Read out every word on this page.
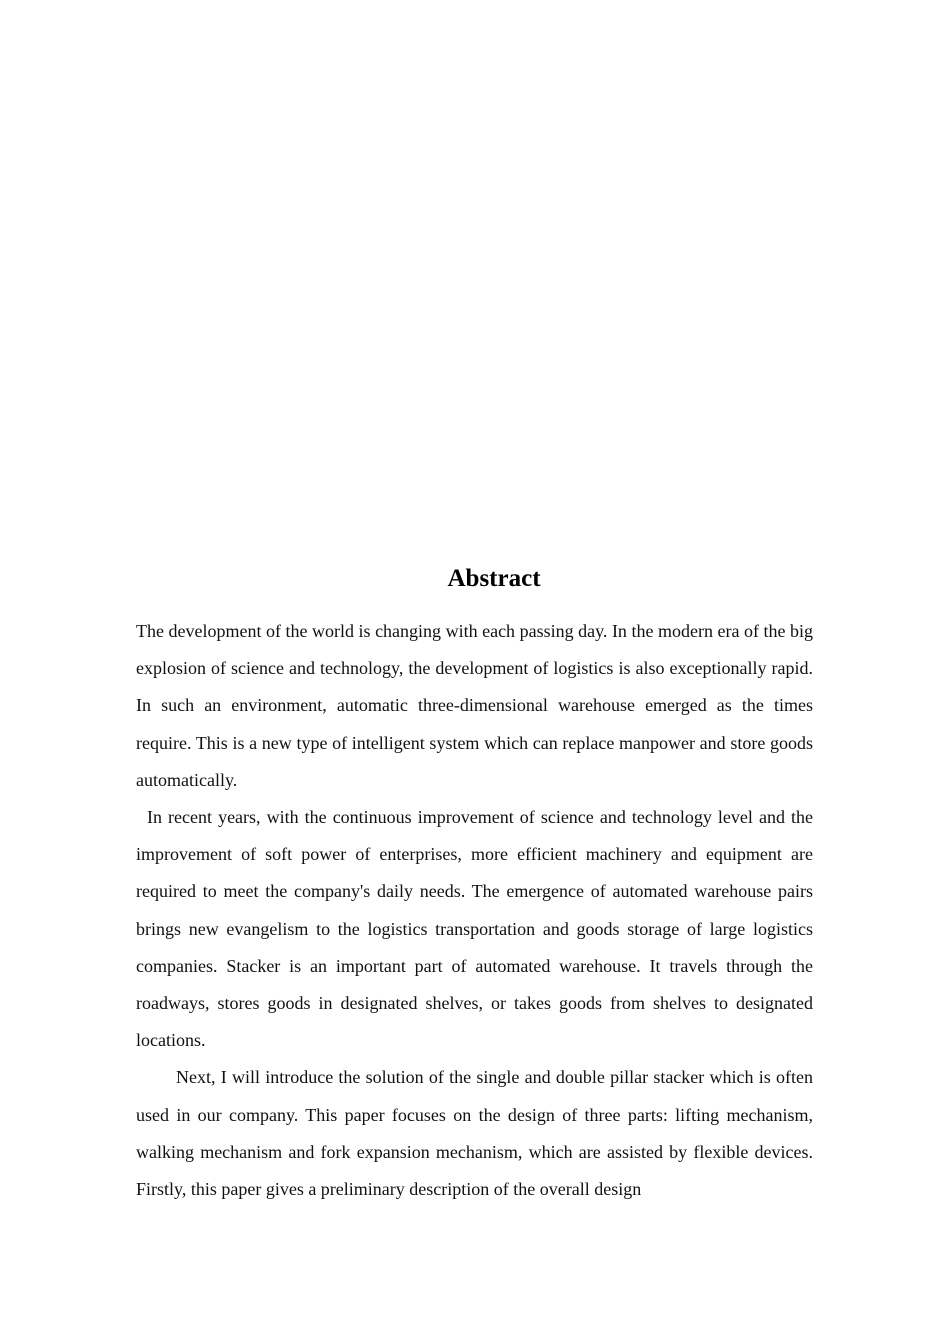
Abstract

The development of the world is changing with each passing day. In the modern era of the big explosion of science and technology, the development of logistics is also exceptionally rapid. In such an environment, automatic three-dimensional warehouse emerged as the times require. This is a new type of intelligent system which can replace manpower and store goods automatically.

In recent years, with the continuous improvement of science and technology level and the improvement of soft power of enterprises, more efficient machinery and equipment are required to meet the company's daily needs. The emergence of automated warehouse pairs brings new evangelism to the logistics transportation and goods storage of large logistics companies. Stacker is an important part of automated warehouse. It travels through the roadways, stores goods in designated shelves, or takes goods from shelves to designated locations.

Next, I will introduce the solution of the single and double pillar stacker which is often used in our company. This paper focuses on the design of three parts: lifting mechanism, walking mechanism and fork expansion mechanism, which are assisted by flexible devices. Firstly, this paper gives a preliminary description of the overall design
